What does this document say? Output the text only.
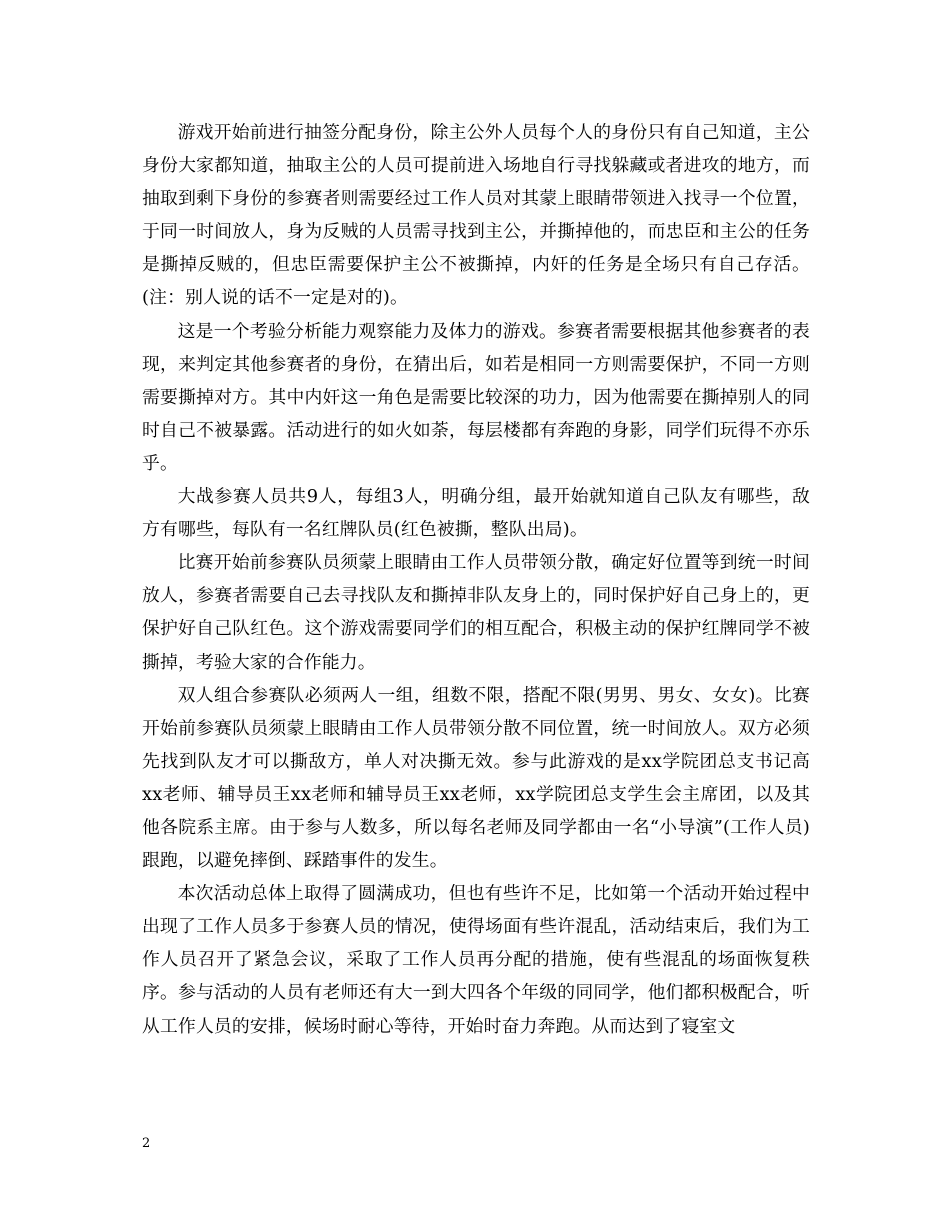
游戏开始前进行抽签分配身份，除主公外人员每个人的身份只有自己知道，主公身份大家都知道，抽取主公的人员可提前进入场地自行寻找躲藏或者进攻的地方，而抽取到剩下身份的参赛者则需要经过工作人员对其蒙上眼睛带领进入找寻一个位置，于同一时间放人，身为反贼的人员需寻找到主公，并撕掉他的，而忠臣和主公的任务是撕掉反贼的，但忠臣需要保护主公不被撕掉，内奸的任务是全场只有自己存活。(注：别人说的话不一定是对的)。

这是一个考验分析能力观察能力及体力的游戏。参赛者需要根据其他参赛者的表现，来判定其他参赛者的身份，在猜出后，如若是相同一方则需要保护，不同一方则需要撕掉对方。其中内奸这一角色是需要比较深的功力，因为他需要在撕掉别人的同时自己不被暴露。活动进行的如火如荼，每层楼都有奔跑的身影，同学们玩得不亦乐乎。

大战参赛人员共9人，每组3人，明确分组，最开始就知道自己队友有哪些，敌方有哪些，每队有一名红牌队员(红色被撕，整队出局)。

比赛开始前参赛队员须蒙上眼睛由工作人员带领分散，确定好位置等到统一时间放人，参赛者需要自己去寻找队友和撕掉非队友身上的，同时保护好自己身上的，更保护好自己队红色。这个游戏需要同学们的相互配合，积极主动的保护红牌同学不被撕掉，考验大家的合作能力。

双人组合参赛队必须两人一组，组数不限，搭配不限(男男、男女、女女)。比赛开始前参赛队员须蒙上眼睛由工作人员带领分散不同位置，统一时间放人。双方必须先找到队友才可以撕敌方，单人对决撕无效。参与此游戏的是xx学院团总支书记高xx老师、辅导员王xx老师和辅导员王xx老师，xx学院团总支学生会主席团，以及其他各院系主席。由于参与人数多，所以每名老师及同学都由一名“小导演”(工作人员)跟跑，以避免摔倒、踩踏事件的发生。

本次活动总体上取得了圆满成功，但也有些许不足，比如第一个活动开始过程中出现了工作人员多于参赛人员的情况，使得场面有些许混乱，活动结束后，我们为工作人员召开了紧急会议，采取了工作人员再分配的措施，使有些混乱的场面恢复秩序。参与活动的人员有老师还有大一到大四各个年级的同同学，他们都积极配合，听从工作人员的安排，候场时耐心等待，开始时奋力奔跑。从而达到了寝室文

2
